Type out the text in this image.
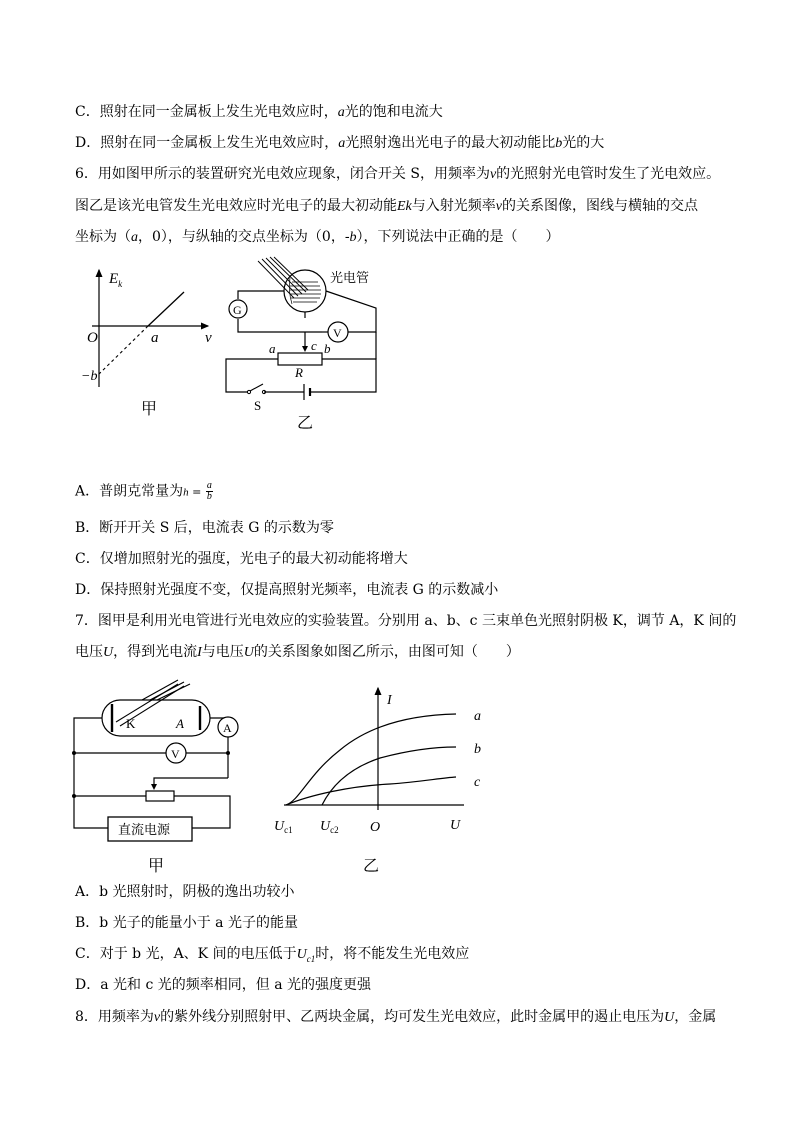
C．照射在同一金属板上发生光电效应时，a光的饱和电流大
D．照射在同一金属板上发生光电效应时，a光照射逸出光电子的最大初动能比b光的大
6．用如图甲所示的装置研究光电效应现象，闭合开关 S，用频率为ν的光照射光电管时发生了光电效应。
图乙是该光电管发生光电效应时光电子的最大初动能Ek与入射光频率ν的关系图像，图线与横轴的交点
坐标为（a，0），与纵轴的交点坐标为（0，-b），下列说法中正确的是（　　）
$E_k$
O	a	v
−b
甲
光电管
G
V
a	c b
R
S
乙
A．普朗克常量为$h = \frac{a}{b}$
B．断开开关 S 后，电流表 G 的示数为零
C．仅增加照射光的强度，光电子的最大初动能将增大
D．保持照射光强度不变，仅提高照射光频率，电流表 G 的示数减小
7．图甲是利用光电管进行光电效应的实验装置。分别用 a、b、c 三束单色光照射阴极 K，调节 A，K 间的
电压U，得到光电流I与电压U的关系图象如图乙所示，由图可知（　　）
K	A	A
V
直流电源
甲
I
a
b
c
$U_{c1}$ $U_{c2}$ O	U
乙
A．b 光照射时，阴极的逸出功较小
B．b 光子的能量小于 a 光子的能量
C．对于 b 光，A、K 间的电压低于$U_{c1}$时，将不能发生光电效应
D．a 光和 c 光的频率相同，但 a 光的强度更强
8．用频率为ν的紫外线分别照射甲、乙两块金属，均可发生光电效应，此时金属甲的遏止电压为U，金属
